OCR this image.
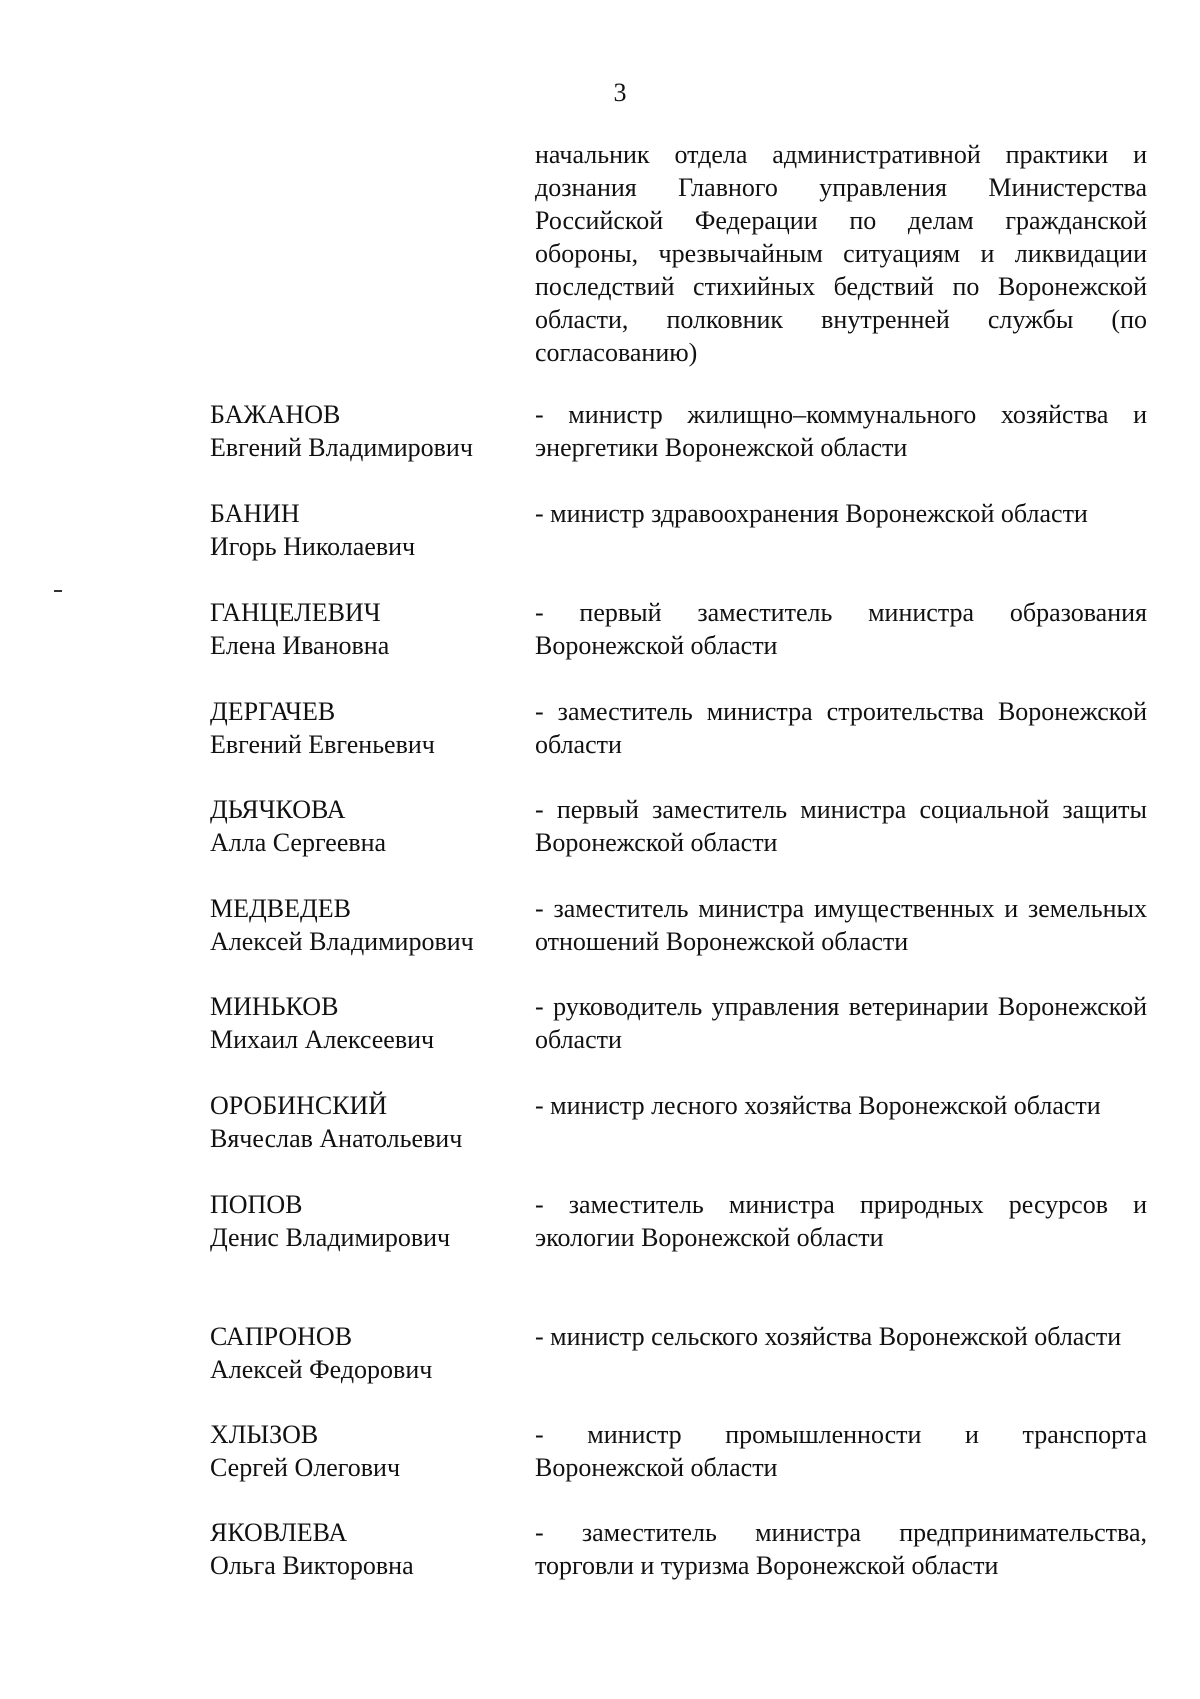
3
начальник отдела административной практики и дознания Главного управления Министерства Российской Федерации по делам гражданской обороны, чрезвычайным ситуациям и ликвидации последствий стихийных бедствий по Воронежской области, полковник внутренней службы (по согласованию)
БАЖАНОВ
Евгений Владимирович
- министр жилищно–коммунального хозяйства и энергетики Воронежской области
БАНИН
Игорь Николаевич
- министр здравоохранения Воронежской области
ГАНЦЕЛЕВИЧ
Елена Ивановна
- первый заместитель министра образования Воронежской области
ДЕРГАЧЕВ
Евгений Евгеньевич
- заместитель министра строительства Воронежской области
ДЬЯЧКОВА
Алла Сергеевна
- первый заместитель министра социальной защиты Воронежской области
МЕДВЕДЕВ
Алексей Владимирович
- заместитель министра имущественных и земельных отношений Воронежской области
МИНЬКОВ
Михаил Алексеевич
- руководитель управления ветеринарии Воронежской области
ОРОБИНСКИЙ
Вячеслав Анатольевич
- министр лесного хозяйства Воронежской области
ПОПОВ
Денис Владимирович
- заместитель министра природных ресурсов и экологии Воронежской области
САПРОНОВ
Алексей Федорович
- министр сельского хозяйства Воронежской области
ХЛЫЗОВ
Сергей Олегович
- министр промышленности и транспорта Воронежской области
ЯКОВЛЕВА
Ольга Викторовна
- заместитель министра предпринимательства, торговли и туризма Воронежской области
